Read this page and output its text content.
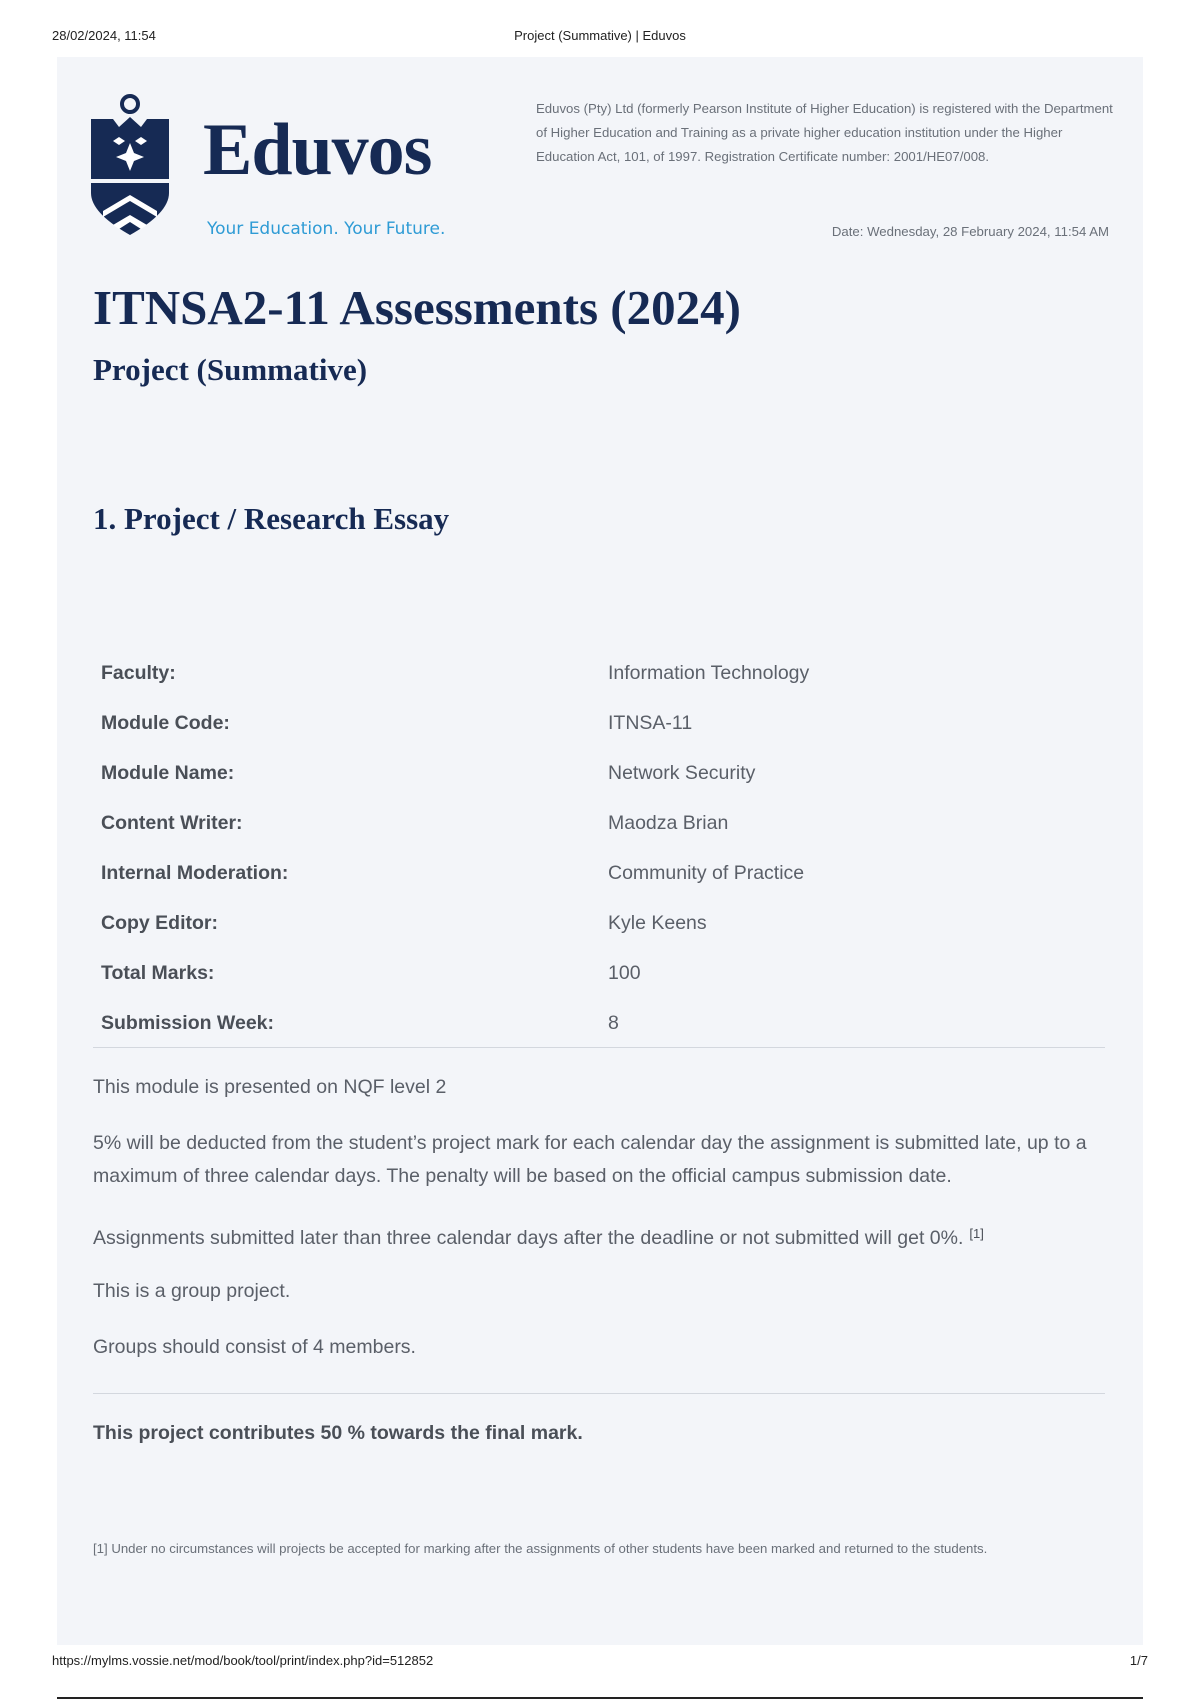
28/02/2024, 11:54	Project (Summative) | Eduvos
Eduvos
Your Education. Your Future.

Eduvos (Pty) Ltd (formerly Pearson Institute of Higher Education) is registered with the Department of Higher Education and Training as a private higher education institution under the Higher Education Act, 101, of 1997. Registration Certificate number: 2001/HE07/008.

Date: Wednesday, 28 February 2024, 11:54 AM

ITNSA2-11 Assessments (2024)
Project (Summative)
1. Project / Research Essay
Faculty:	Information Technology
Module Code:	ITNSA-11
Module Name:	Network Security
Content Writer:	Maodza Brian
Internal Moderation:	Community of Practice
Copy Editor:	Kyle Keens
Total Marks:	100
Submission Week:	8

This module is presented on NQF level 2

5% will be deducted from the student’s project mark for each calendar day the assignment is submitted late, up to a maximum of three calendar days. The penalty will be based on the official campus submission date.

Assignments submitted later than three calendar days after the deadline or not submitted will get 0%. [1]

This is a group project.

Groups should consist of 4 members.

This project contributes 50 % towards the final mark.

[1] Under no circumstances will projects be accepted for marking after the assignments of other students have been marked and returned to the students.

https://mylms.vossie.net/mod/book/tool/print/index.php?id=512852	1/7
